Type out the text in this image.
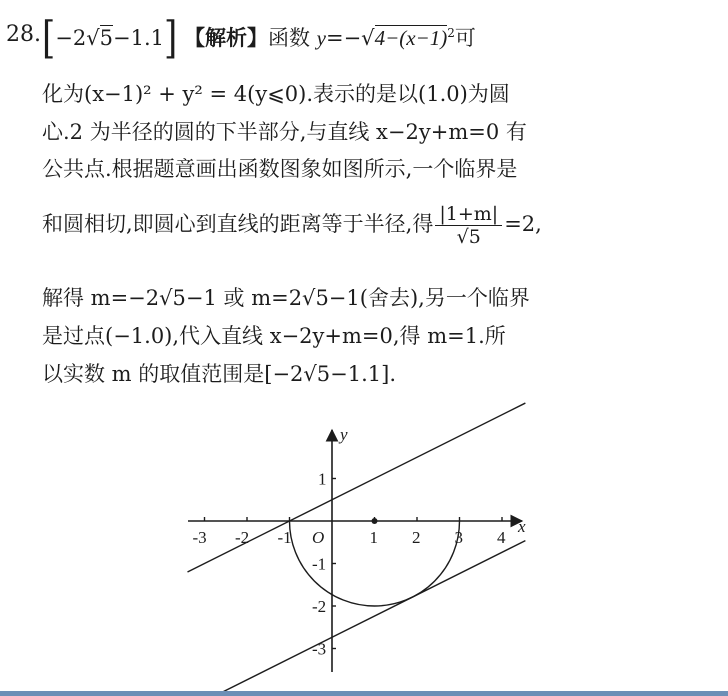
28. [−2√5−1.1] 【解析】函数 $y=-√4-(x-1)^2$可
化为(x−1)² + y² = 4(y⩽0).表示的是以(1.0)为圆
心.2 为半径的圆的下半部分,与直线 x−2y+m=0 有
公共点.根据题意画出函数图象如图所示,一个临界是
和圆相切,即圆心到直线的距离等于半径,得 $\frac{|1+m|}{√5} =2$,
解得 m=−2√5−1 或 m=2√5−1(舍去),另一个临界
是过点(−1.0),代入直线 x−2y+m=0,得 m=1.所
以实数 m 的取值范围是[−2√5−1.1].
-3 -2 -1	1 2 3 4
1
-1
-2
-3
x
y
O
